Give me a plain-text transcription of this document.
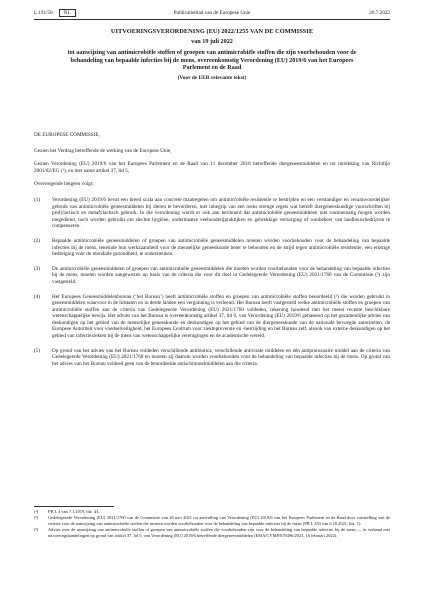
L 191/58	NL	Publicatieblad van de Europese Unie	20.7.2022
UITVOERINGSVERORDENING (EU) 2022/1255 VAN DE COMMISSIE
van 19 juli 2022
tot aanwijzing van antimicrobiële stoffen of groepen van antimicrobiële stoffen die zijn voorbehouden voor de behandeling van bepaalde infecties bij de mens, overeenkomstig Verordening (EU) 2019/6 van het Europees Parlement en de Raad
(Voor de EER relevante tekst)
DE EUROPESE COMMISSIE,
Gezien het Verdrag betreffende de werking van de Europese Unie,
Gezien Verordening (EU) 2019/6 van het Europees Parlement en de Raad van 11 december 2018 betreffende diergeneesmiddelen en tot intrekking van Richtlijn 2001/82/EG (¹), en met name artikel 37, lid 5,
Overwegende hetgeen volgt:
(1)	Verordening (EU) 2019/6 bevat een breed scala aan concrete maatregelen om antimicrobiële resistentie te bestrijden en een verstandiger en verantwoordelijker gebruik van antimicrobiële geneesmiddelen bij dieren te bevorderen, met inbegrip van een reeks strenge regels wat betreft diergeneeskundige voorschriften bij profylactisch en metafylactisch gebruik. In die verordening wordt er ook aan herinnerd dat antimicrobiële geneesmiddelen niet routinematig mogen worden toegediend, noch worden gebruikt om slechte hygiëne, ondermaatse veehouderijpraktijken en gebrekkige verzorging of wanbeheer van landbouwbedrijven te compenseren.
(2)	Bepaalde antimicrobiële geneesmiddelen of groepen van antimicrobiële geneesmiddelen moeten worden voorbehouden voor de behandeling van bepaalde infecties bij de mens, teneinde hun werkzaamheid voor de menselijke geneeskunde beter te behouden en de strijd tegen antimicrobiële resistentie, een ernstige bedreiging voor de mondiale gezondheid, te ondersteunen.
(3)	De antimicrobiële geneesmiddelen of groepen van antimicrobiële geneesmiddelen die moeten worden voorbehouden voor de behandeling van bepaalde infecties bij de mens, moeten worden aangewezen op basis van de criteria die voor dit doel in Gedelegeerde Verordening (EU) 2021/1760 van de Commissie (²) zijn vastgesteld.
(4)	Het Europees Geneesmiddelenbureau (‘het Bureau’) heeft antimicrobiële stoffen en groepen van antimicrobiële stoffen beoordeeld (³) die worden gebruikt in geneesmiddelen waarvoor in de lidstaten en in derde landen een vergunning is verleend. Het Bureau heeft vastgesteld welke antimicrobiële stoffen en groepen van antimicrobiële stoffen aan de criteria van Gedelegeerde Verordening (EU) 2021/1760 voldeden, rekening houdend met het meest recente beschikbare wetenschappelijke bewijs. Het advies van het Bureau is overeenkomstig artikel 37, lid 6, van Verordening (EU) 2019/6 gebaseerd op het gezamenlijke advies van deskundigen op het gebied van de menselijke geneeskunde en deskundigen op het gebied van de diergeneeskunde van de nationale bevoegde autoriteiten, de Europese Autoriteit voor voedselveiligheid, het Europees Centrum voor ziektepreventie en -bestrijding en het Bureau zelf, alsook van externe deskundigen op het gebied van infectieziekten bij de mens van wetenschappelijke verenigingen en de academische wereld.
(5)	Op grond van het advies van het Bureau voldeden verschillende antibiotica, verschillende antivirale middelen en één antiprotozoaire middel aan de criteria van Gedelegeerde Verordening (EU) 2021/1760 en moeten zij daarom worden voorbehouden voor de behandeling van bepaalde infecties bij de mens. Op grond van het advies van het Bureau voldeed geen van de beoordeelde antischimmelmiddelen aan die criteria.
(¹)	PB L 4 van 7.1.2019, blz. 43.
(²)	Gedelegeerde Verordening (EU) 2021/1760 van de Commissie van 26 mei 2021 tot aanvulling van Verordening (EU) 2019/6 van het Europees Parlement en de Raad door vaststelling van de criteria voor de aanwijzing van antimicrobiële stoffen die moeten worden voorbehouden voor de behandeling van bepaalde infecties bij de mens (PB L 353 van 6.10.2021, blz. 1).
(³)	Advies over de aanwijzing van antimicrobiële stoffen of groepen van antimicrobiële stoffen die voorbehouden zijn voor de behandeling van bepaalde infecties bij de mens — in verband met uitvoeringshandelingen op grond van artikel 37, lid 5, van Verordening (EU) 2019/6 betreffende diergeneesmiddelen (EMA/CVMP/678496/2021, 16 februari 2022).
